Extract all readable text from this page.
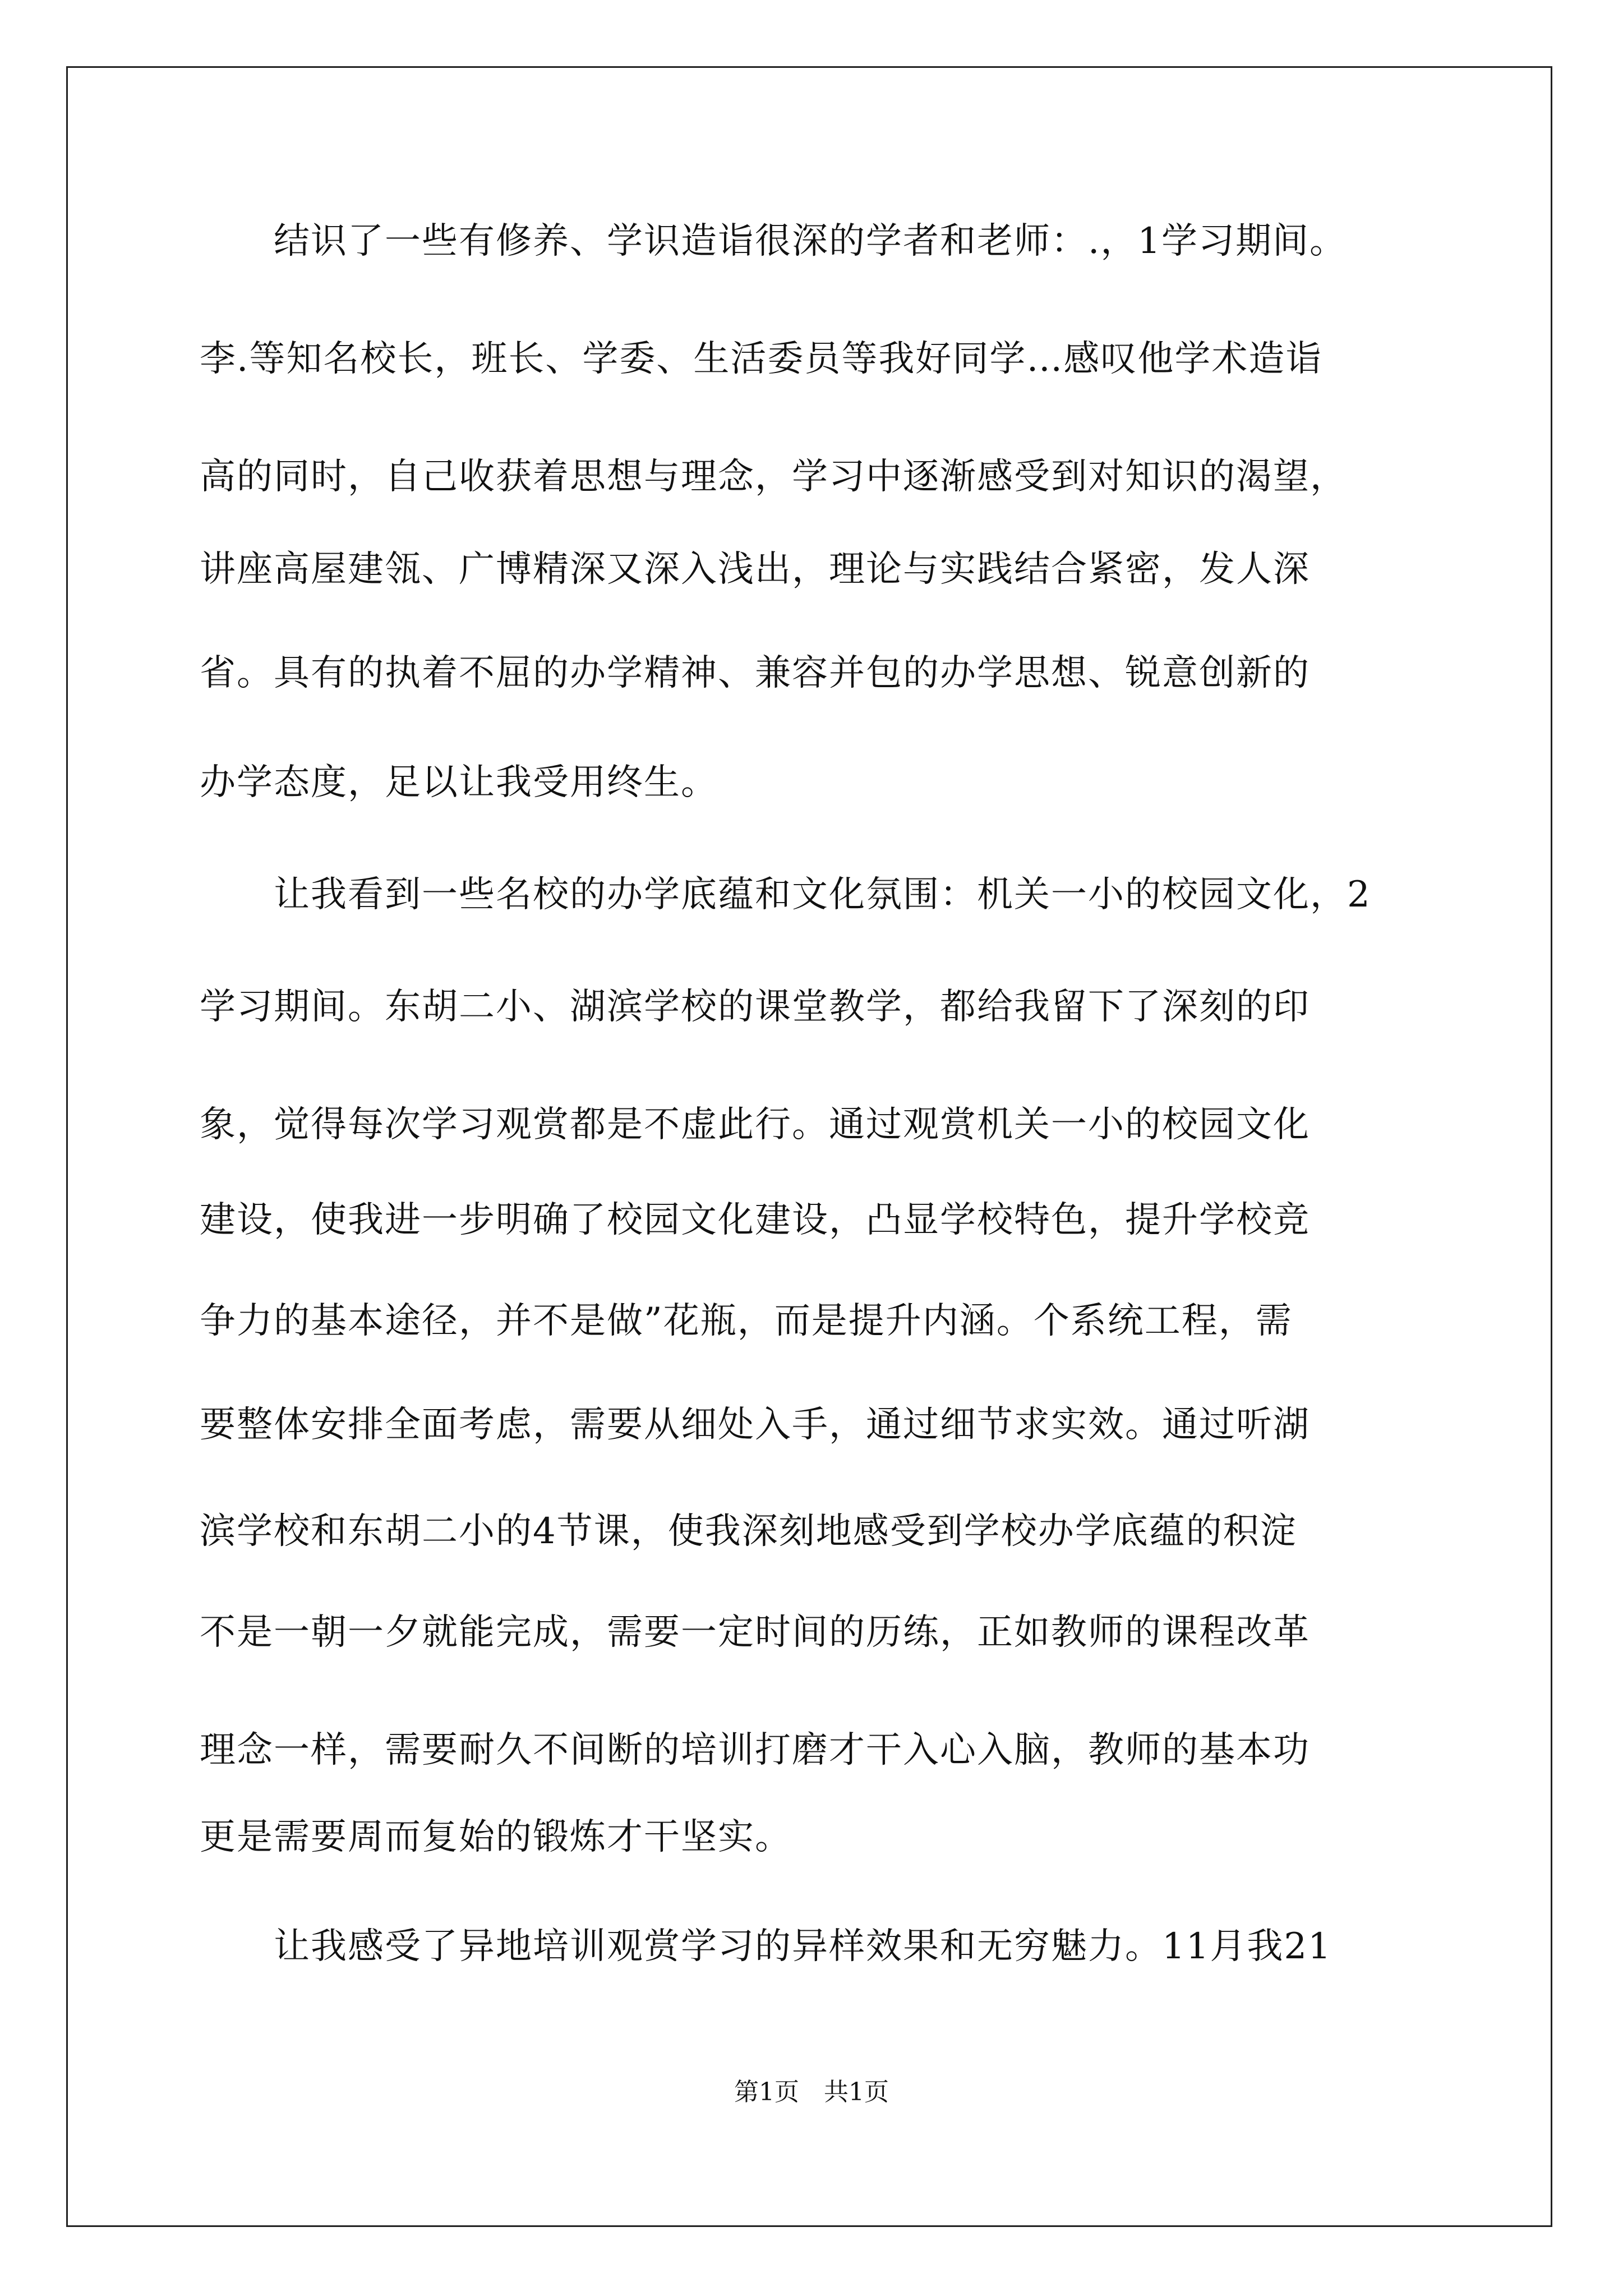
　　结识了一些有修养、学识造诣很深的学者和老师：.，1学习期间。

李.等知名校长，班长、学委、生活委员等我好同学…感叹他学术造诣

高的同时，自己收获着思想与理念，学习中逐渐感受到对知识的渴望，

讲座高屋建瓴、广博精深又深入浅出，理论与实践结合紧密，发人深

省。具有的执着不屈的办学精神、兼容并包的办学思想、锐意创新的

办学态度，足以让我受用终生。

　　让我看到一些名校的办学底蕴和文化氛围：机关一小的校园文化，2

学习期间。东胡二小、湖滨学校的课堂教学，都给我留下了深刻的印

象，觉得每次学习观赏都是不虚此行。通过观赏机关一小的校园文化

建设，使我进一步明确了校园文化建设，凸显学校特色，提升学校竞

争力的基本途径，并不是做”花瓶，而是提升内涵。个系统工程，需

要整体安排全面考虑，需要从细处入手，通过细节求实效。通过听湖

滨学校和东胡二小的4节课，使我深刻地感受到学校办学底蕴的积淀

不是一朝一夕就能完成，需要一定时间的历练，正如教师的课程改革

理念一样，需要耐久不间断的培训打磨才干入心入脑，教师的基本功

更是需要周而复始的锻炼才干坚实。

　　让我感受了异地培训观赏学习的异样效果和无穷魅力。11月我21

第1页　共1页
